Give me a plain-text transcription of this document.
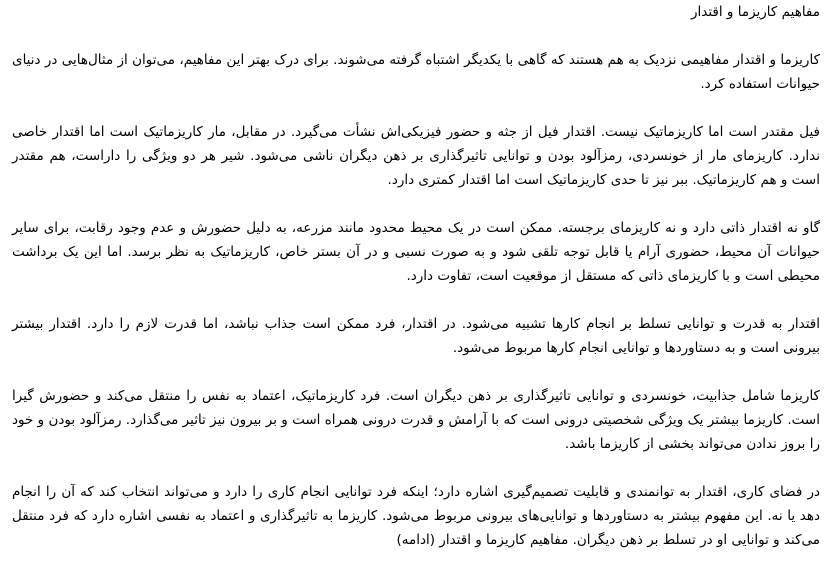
مفاهیم کاریزما و اقتدار

کاریزما و اقتدار مفاهیمی نزدیک به هم هستند که گاهی با یکدیگر اشتباه گرفته می‌شوند. برای درک بهتر این مفاهیم، می‌توان از مثال‌هایی در دنیای حیوانات استفاده کرد.

فیل مقتدر است اما کاریزماتیک نیست. اقتدار فیل از جثه و حضور فیزیکی‌اش نشأت می‌گیرد. در مقابل، مار کاریزماتیک است اما اقتدار خاصی ندارد. کاریزمای مار از خونسردی، رمزآلود بودن و توانایی تاثیرگذاری بر ذهن دیگران ناشی می‌شود. شیر هر دو ویژگی را داراست، هم مقتدر است و هم کاریزماتیک. ببر نیز تا حدی کاریزماتیک است اما اقتدار کمتری دارد.

گاو نه اقتدار ذاتی دارد و نه کاریزمای برجسته. ممکن است در یک محیط محدود مانند مزرعه، به دلیل حضورش و عدم وجود رقابت، برای سایر حیوانات آن محیط، حضوری آرام یا قابل توجه تلقی شود و به صورت نسبی و در آن بستر خاص، کاریزماتیک به نظر برسد. اما این یک برداشت محیطی است و با کاریزمای ذاتی که مستقل از موقعیت است، تفاوت دارد.

اقتدار به قدرت و توانایی تسلط بر انجام کارها تشبیه می‌شود. در اقتدار، فرد ممکن است جذاب نباشد، اما قدرت لازم را دارد. اقتدار بیشتر بیرونی است و به دستاوردها و توانایی انجام کارها مربوط می‌شود.

کاریزما شامل جذابیت، خونسردی و توانایی تاثیرگذاری بر ذهن دیگران است. فرد کاریزماتیک، اعتماد به نفس را منتقل می‌کند و حضورش گیرا است. کاریزما بیشتر یک ویژگی شخصیتی درونی است که با آرامش و قدرت درونی همراه است و بر بیرون نیز تاثیر می‌گذارد. رمزآلود بودن و خود را بروز ندادن می‌تواند بخشی از کاریزما باشد.

در فضای کاری، اقتدار به توانمندی و قابلیت تصمیم‌گیری اشاره دارد؛ اینکه فرد توانایی انجام کاری را دارد و می‌تواند انتخاب کند که آن را انجام دهد یا نه. این مفهوم بیشتر به دستاوردها و توانایی‌های بیرونی مربوط می‌شود. کاریزما به تاثیرگذاری و اعتماد به نفسی اشاره دارد که فرد منتقل می‌کند و توانایی او در تسلط بر ذهن دیگران. مفاهیم کاریزما و اقتدار (ادامه)
